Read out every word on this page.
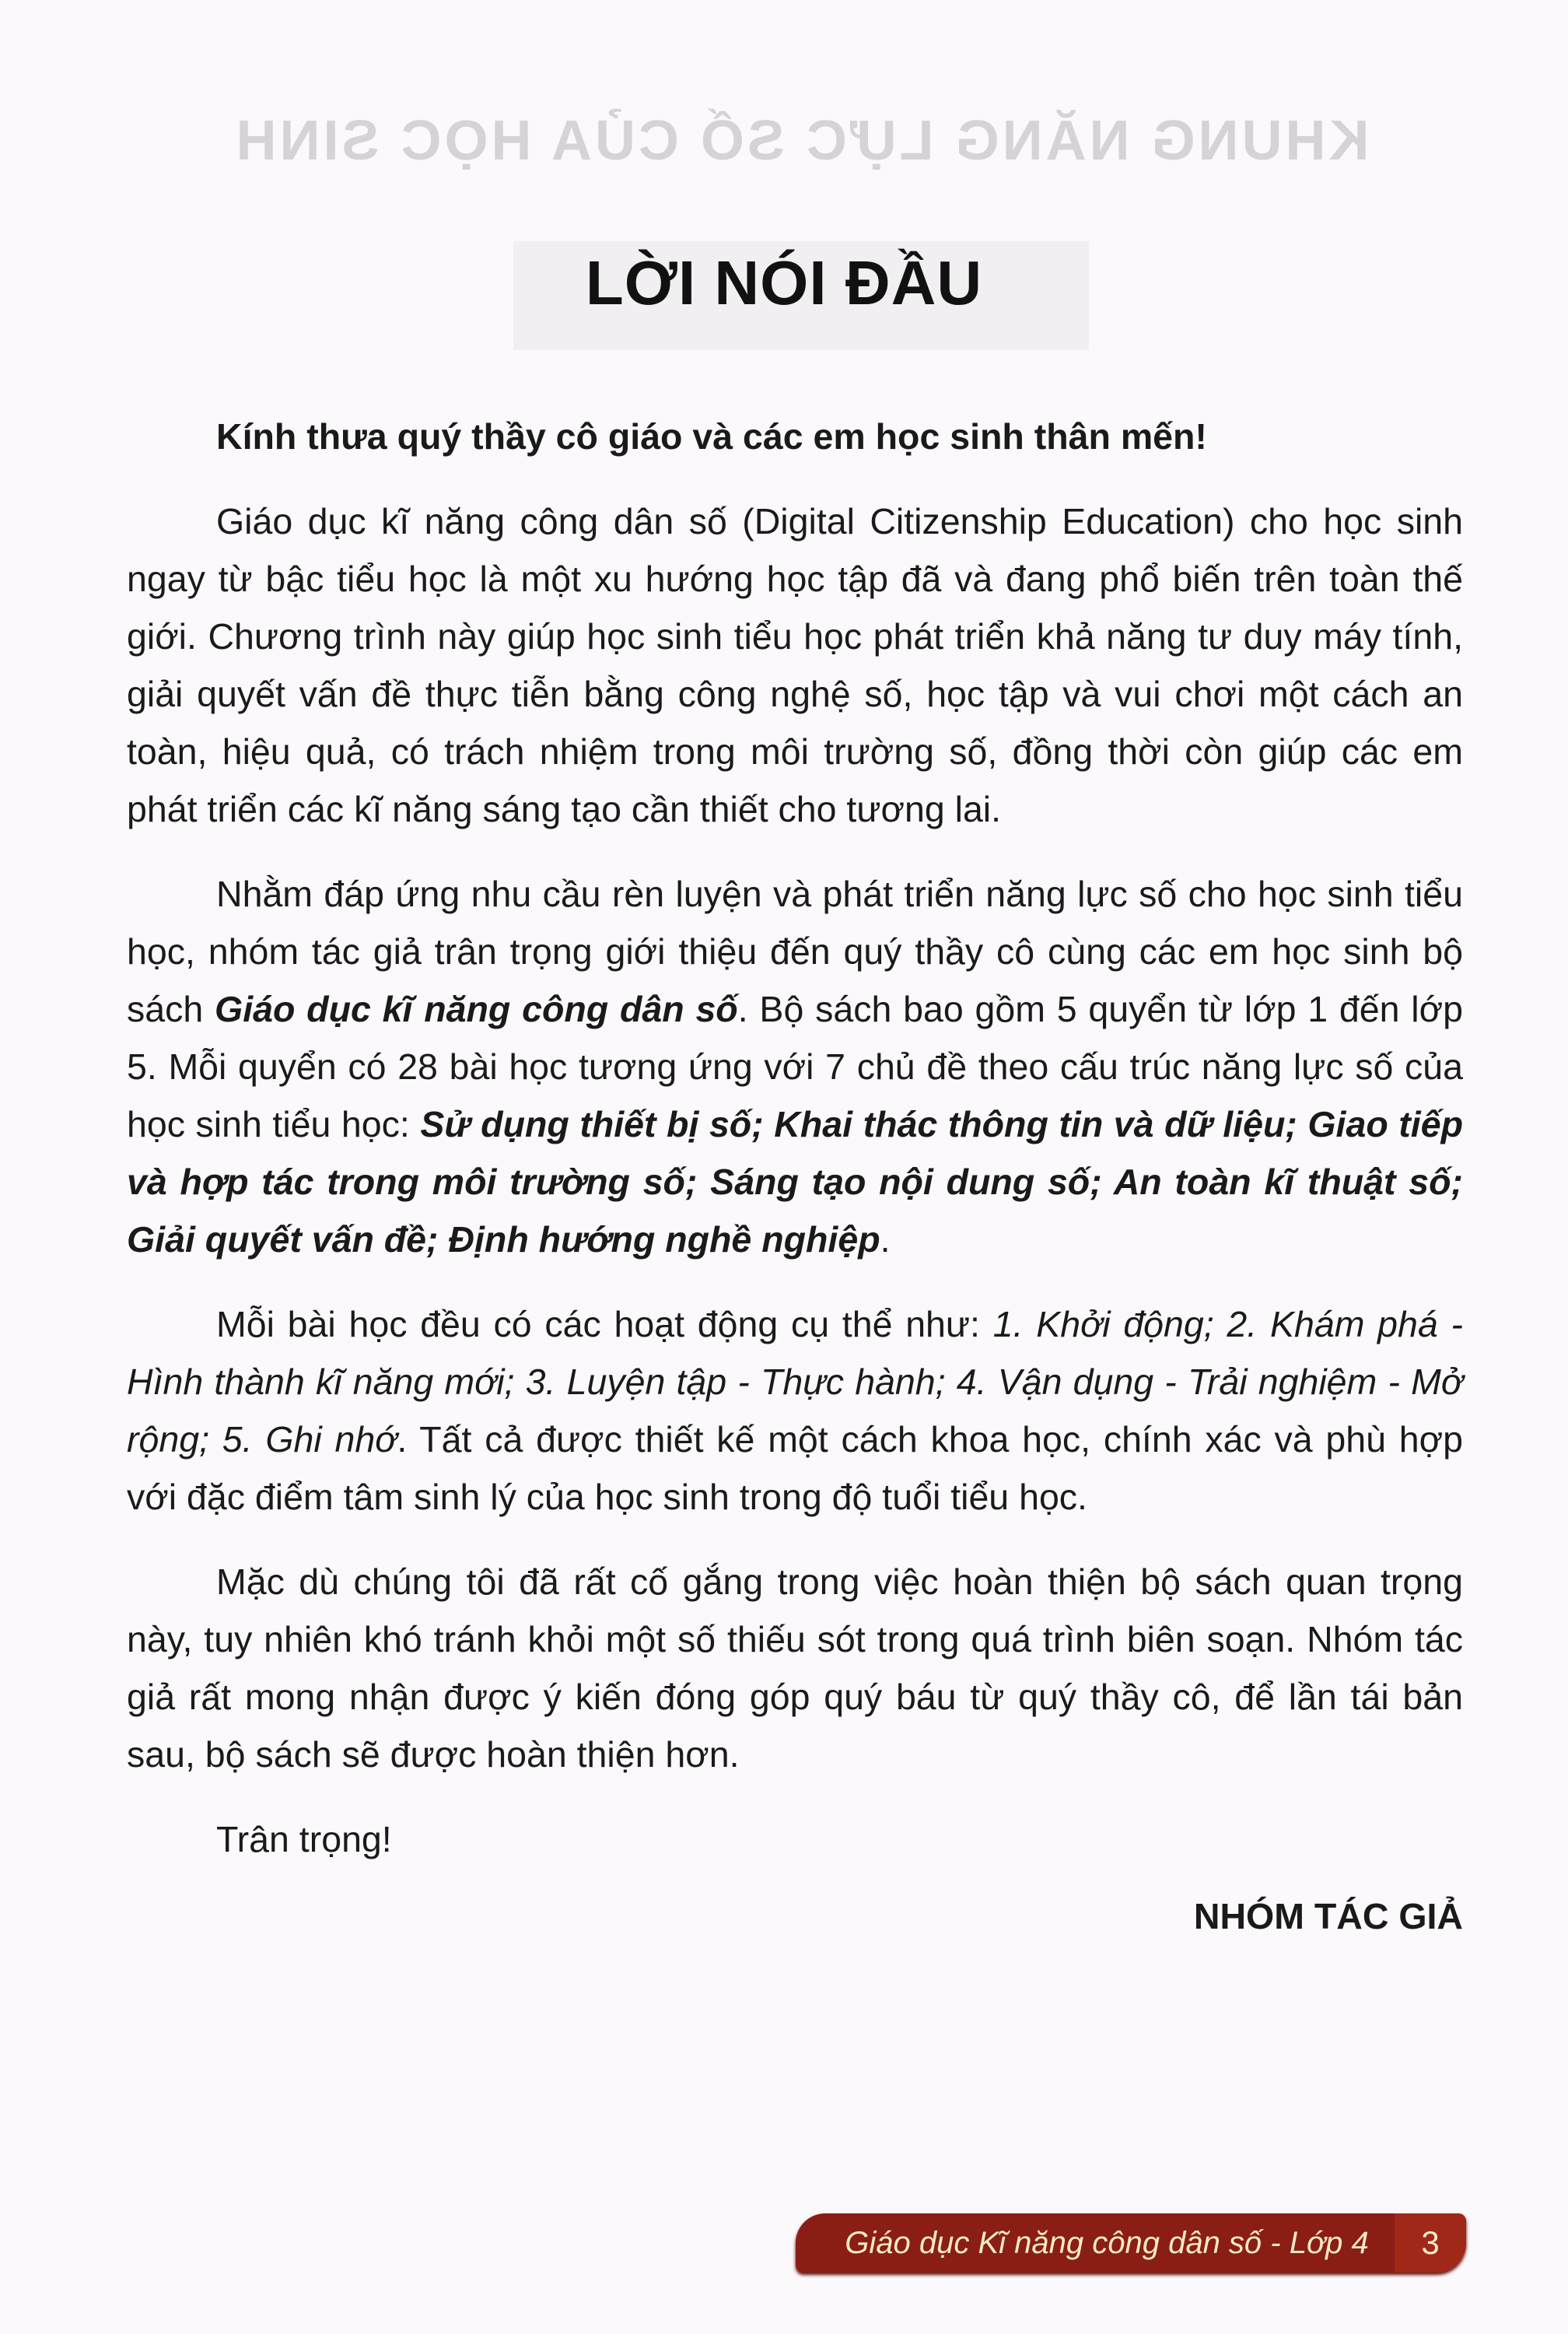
KHUNG NĂNG LỰC SỐ CỦA HỌC SINH
LỜI NÓI ĐẦU

Kính thưa quý thầy cô giáo và các em học sinh thân mến!

Giáo dục kĩ năng công dân số (Digital Citizenship Education) cho học sinh ngay từ bậc tiểu học là một xu hướng học tập đã và đang phổ biến trên toàn thế giới. Chương trình này giúp học sinh tiểu học phát triển khả năng tư duy máy tính, giải quyết vấn đề thực tiễn bằng công nghệ số, học tập và vui chơi một cách an toàn, hiệu quả, có trách nhiệm trong môi trường số, đồng thời còn giúp các em phát triển các kĩ năng sáng tạo cần thiết cho tương lai.

Nhằm đáp ứng nhu cầu rèn luyện và phát triển năng lực số cho học sinh tiểu học, nhóm tác giả trân trọng giới thiệu đến quý thầy cô cùng các em học sinh bộ sách Giáo dục kĩ năng công dân số. Bộ sách bao gồm 5 quyển từ lớp 1 đến lớp 5. Mỗi quyển có 28 bài học tương ứng với 7 chủ đề theo cấu trúc năng lực số của học sinh tiểu học: Sử dụng thiết bị số; Khai thác thông tin và dữ liệu; Giao tiếp và hợp tác trong môi trường số; Sáng tạo nội dung số; An toàn kĩ thuật số; Giải quyết vấn đề; Định hướng nghề nghiệp.

Mỗi bài học đều có các hoạt động cụ thể như: 1. Khởi động; 2. Khám phá - Hình thành kĩ năng mới; 3. Luyện tập - Thực hành; 4. Vận dụng - Trải nghiệm - Mở rộng; 5. Ghi nhớ. Tất cả được thiết kế một cách khoa học, chính xác và phù hợp với đặc điểm tâm sinh lý của học sinh trong độ tuổi tiểu học.

Mặc dù chúng tôi đã rất cố gắng trong việc hoàn thiện bộ sách quan trọng này, tuy nhiên khó tránh khỏi một số thiếu sót trong quá trình biên soạn. Nhóm tác giả rất mong nhận được ý kiến đóng góp quý báu từ quý thầy cô, để lần tái bản sau, bộ sách sẽ được hoàn thiện hơn.

Trân trọng!

NHÓM TÁC GIẢ

Giáo dục Kĩ năng công dân số - Lớp 4	3
